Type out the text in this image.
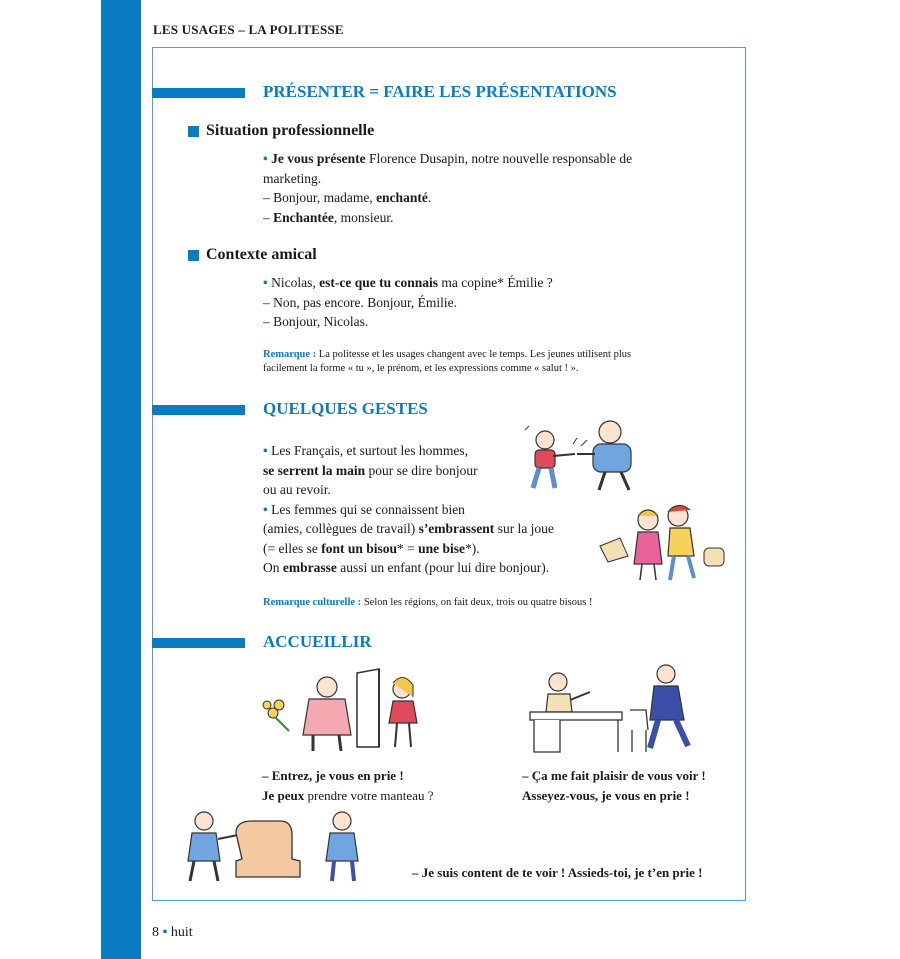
LES USAGES – LA POLITESSE
PRÉSENTER = FAIRE LES PRÉSENTATIONS
Situation professionnelle
• Je vous présente Florence Dusapin, notre nouvelle responsable de
marketing.
– Bonjour, madame, enchanté.
– Enchantée, monsieur.
Contexte amical
• Nicolas, est-ce que tu connais ma copine* Émilie ?
– Non, pas encore. Bonjour, Émilie.
– Bonjour, Nicolas.
Remarque : La politesse et les usages changent avec le temps. Les jeunes utilisent plus
facilement la forme « tu », le prénom, et les expressions comme « salut ! ».
QUELQUES GESTES
• Les Français, et surtout les hommes,
se serrent la main pour se dire bonjour
ou au revoir.
• Les femmes qui se connaissent bien
(amies, collègues de travail) s’embrassent sur la joue
(= elles se font un bisou* = une bise*).
On embrasse aussi un enfant (pour lui dire bonjour).
Remarque culturelle : Selon les régions, on fait deux, trois ou quatre bisous !
ACCUEILLIR
– Entrez, je vous en prie !
Je peux prendre votre manteau ?
– Ça me fait plaisir de vous voir !
Asseyez-vous, je vous en prie !
– Je suis content de te voir ! Assieds-toi, je t’en prie !
8 • huit
